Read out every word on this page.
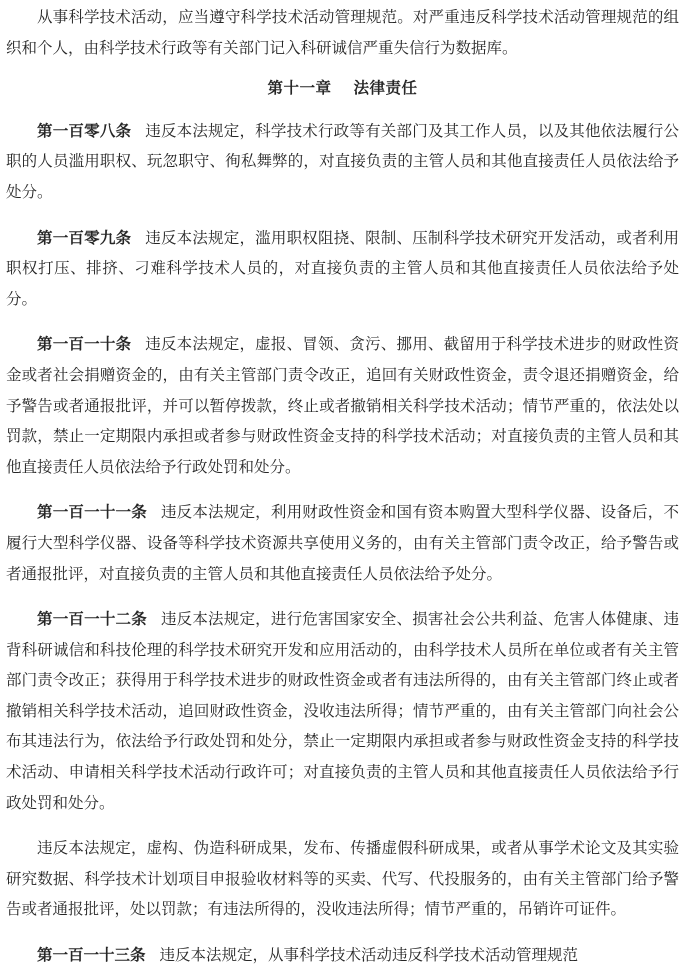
从事科学技术活动，应当遵守科学技术活动管理规范。对严重违反科学技术活动管理规范的组织和个人，由科学技术行政等有关部门记入科研诚信严重失信行为数据库。

第十一章 法律责任

第一百零八条 违反本法规定，科学技术行政等有关部门及其工作人员，以及其他依法履行公职的人员滥用职权、玩忽职守、徇私舞弊的，对直接负责的主管人员和其他直接责任人员依法给予处分。

第一百零九条 违反本法规定，滥用职权阻挠、限制、压制科学技术研究开发活动，或者利用职权打压、排挤、刁难科学技术人员的，对直接负责的主管人员和其他直接责任人员依法给予处分。

第一百一十条 违反本法规定，虚报、冒领、贪污、挪用、截留用于科学技术进步的财政性资金或者社会捐赠资金的，由有关主管部门责令改正，追回有关财政性资金，责令退还捐赠资金，给予警告或者通报批评，并可以暂停拨款，终止或者撤销相关科学技术活动；情节严重的，依法处以罚款，禁止一定期限内承担或者参与财政性资金支持的科学技术活动；对直接负责的主管人员和其他直接责任人员依法给予行政处罚和处分。

第一百一十一条 违反本法规定，利用财政性资金和国有资本购置大型科学仪器、设备后，不履行大型科学仪器、设备等科学技术资源共享使用义务的，由有关主管部门责令改正，给予警告或者通报批评，对直接负责的主管人员和其他直接责任人员依法给予处分。

第一百一十二条 违反本法规定，进行危害国家安全、损害社会公共利益、危害人体健康、违背科研诚信和科技伦理的科学技术研究开发和应用活动的，由科学技术人员所在单位或者有关主管部门责令改正；获得用于科学技术进步的财政性资金或者有违法所得的，由有关主管部门终止或者撤销相关科学技术活动，追回财政性资金，没收违法所得；情节严重的，由有关主管部门向社会公布其违法行为，依法给予行政处罚和处分，禁止一定期限内承担或者参与财政性资金支持的科学技术活动、申请相关科学技术活动行政许可；对直接负责的主管人员和其他直接责任人员依法给予行政处罚和处分。

违反本法规定，虚构、伪造科研成果，发布、传播虚假科研成果，或者从事学术论文及其实验研究数据、科学技术计划项目申报验收材料等的买卖、代写、代投服务的，由有关主管部门给予警告或者通报批评，处以罚款；有违法所得的，没收违法所得；情节严重的，吊销许可证件。

第一百一十三条 违反本法规定，从事科学技术活动违反科学技术活动管理规范
